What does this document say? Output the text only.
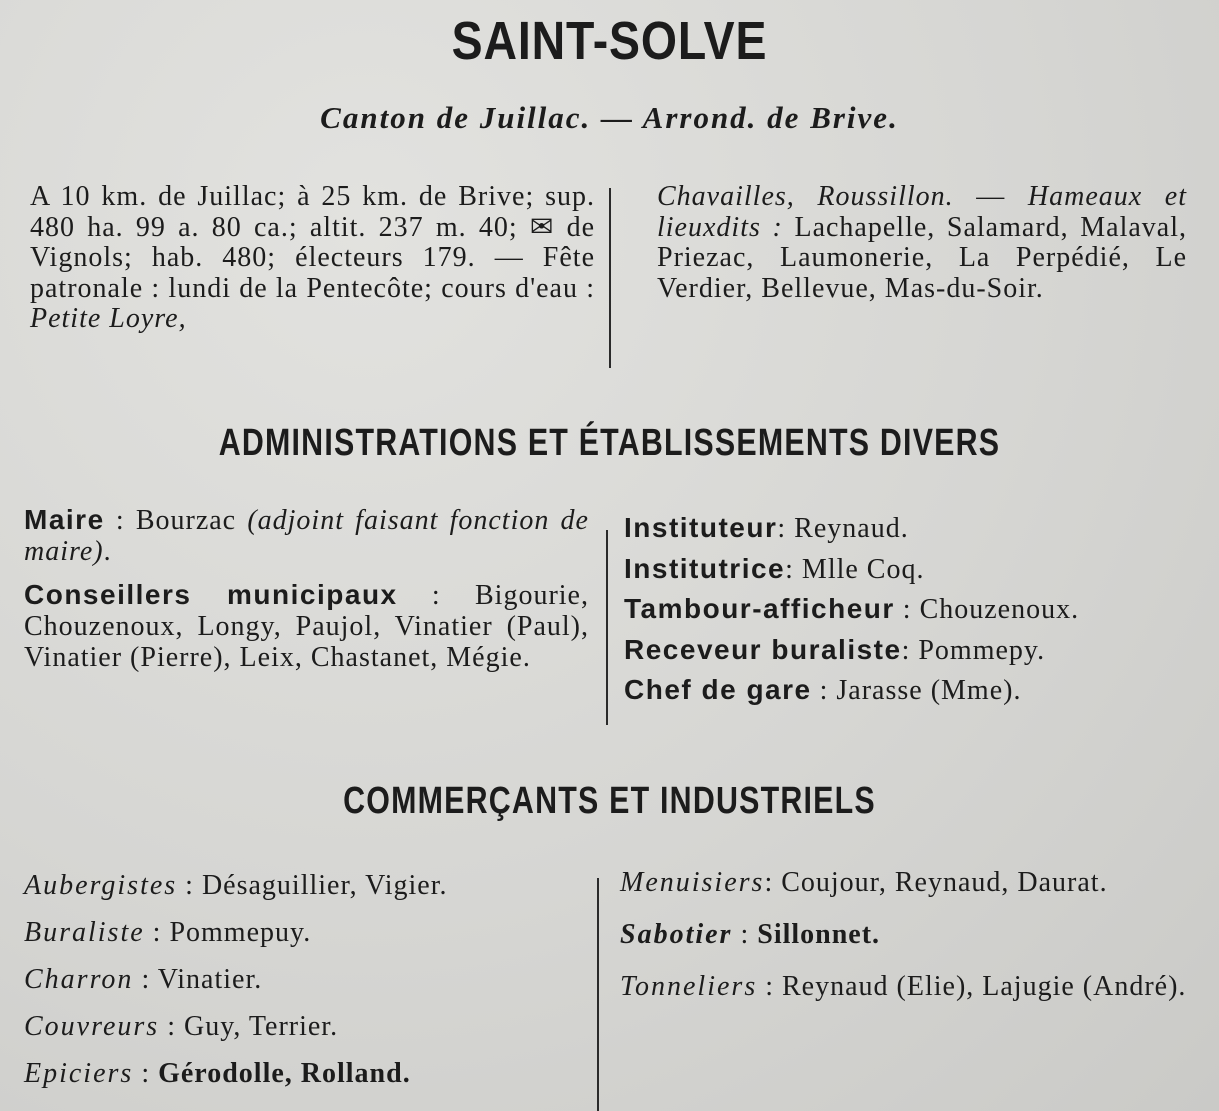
SAINT-SOLVE
Canton de Juillac. — Arrond. de Brive.
A 10 km. de Juillac; à 25 km. de Brive; sup. 480 ha. 99 a. 80 ca.; altit. 237 m. 40; ✉ de Vignols; hab. 480; électeurs 179. — Fête patronale : lundi de la Pentecôte; cours d'eau : Petite Loyre,
Chavailles, Roussillon. — Hameaux et lieuxdits : Lachapelle, Salamard, Malaval, Priezac, Laumonerie, La Perpédié, Le Verdier, Bellevue, Mas-du-Soir.
ADMINISTRATIONS ET ÉTABLISSEMENTS DIVERS

Maire : Bourzac (adjoint faisant fonction de maire).

Conseillers municipaux : Bigourie, Chouzenoux, Longy, Paujol, Vinatier (Paul), Vinatier (Pierre), Leix, Chastanet, Mégie.

Instituteur: Reynaud.
Institutrice: Mlle Coq.
Tambour-afficheur : Chouzenoux.
Receveur buraliste: Pommepy.
Chef de gare : Jarasse (Mme).
COMMERÇANTS ET INDUSTRIELS
Aubergistes : Désaguillier, Vigier.
Buraliste : Pommepuy.
Charron : Vinatier.
Couvreurs : Guy, Terrier.
Epiciers : Gérodolle, Rolland.
Menuisiers: Coujour, Reynaud, Daurat.
Sabotier : Sillonnet.
Tonneliers : Reynaud (Elie), Lajugie (André).
